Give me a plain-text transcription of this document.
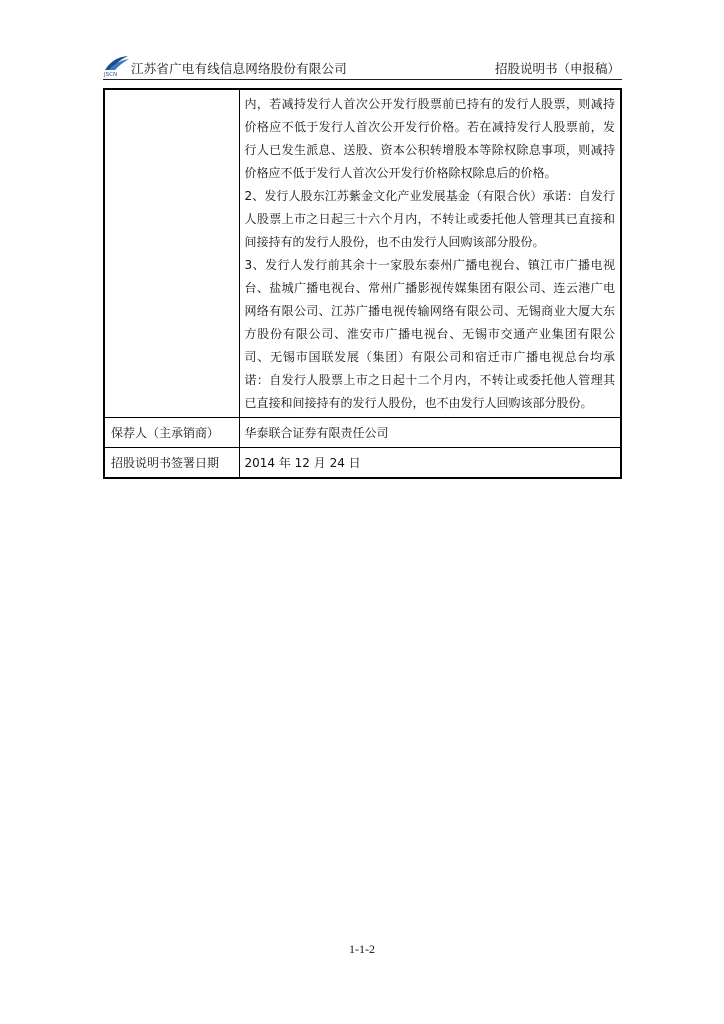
JSCN 江苏省广电有线信息网络股份有限公司	招股说明书（申报稿）

	内，若减持发行人首次公开发行股票前已持有的发行人股票，则减持价格应不低于发行人首次公开发行价格。若在减持发行人股票前，发行人已发生派息、送股、资本公积转增股本等除权除息事项，则减持价格应不低于发行人首次公开发行价格除权除息后的价格。

2、发行人股东江苏紫金文化产业发展基金（有限合伙）承诺：自发行人股票上市之日起三十六个月内，不转让或委托他人管理其已直接和间接持有的发行人股份，也不由发行人回购该部分股份。

3、发行人发行前其余十一家股东泰州广播电视台、镇江市广播电视台、盐城广播电视台、常州广播影视传媒集团有限公司、连云港广电网络有限公司、江苏广播电视传输网络有限公司、无锡商业大厦大东方股份有限公司、淮安市广播电视台、无锡市交通产业集团有限公司、无锡市国联发展（集团）有限公司和宿迁市广播电视总台均承诺：自发行人股票上市之日起十二个月内，不转让或委托他人管理其已直接和间接持有的发行人股份，也不由发行人回购该部分股份。

保荐人（主承销商）	华泰联合证券有限责任公司
招股说明书签署日期	2014 年 12 月 24 日
1-1-2
